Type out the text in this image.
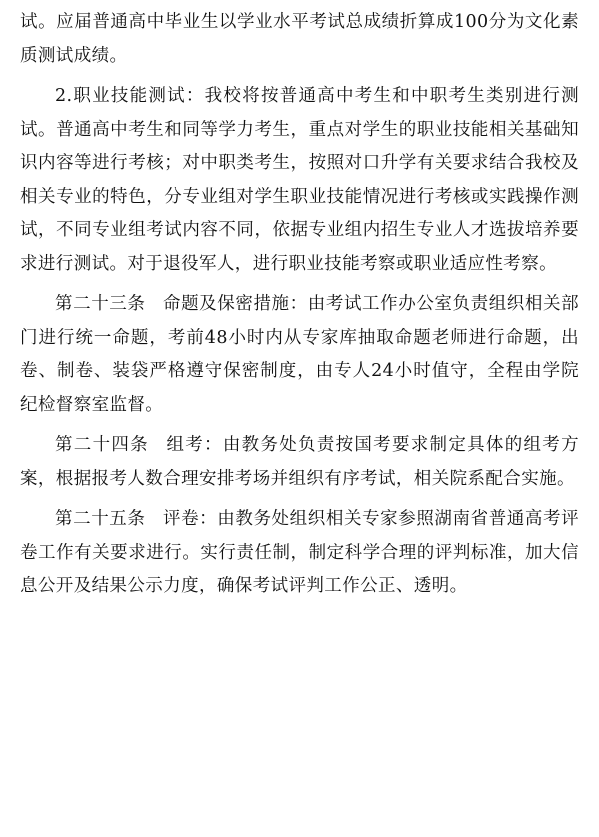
试。应届普通高中毕业生以学业水平考试总成绩折算成100分为文化素质测试成绩。

2.职业技能测试：我校将按普通高中考生和中职考生类别进行测试。普通高中考生和同等学力考生，重点对学生的职业技能相关基础知识内容等进行考核；对中职类考生，按照对口升学有关要求结合我校及相关专业的特色，分专业组对学生职业技能情况进行考核或实践操作测试，不同专业组考试内容不同，依据专业组内招生专业人才选拔培养要求进行测试。对于退役军人，进行职业技能考察或职业适应性考察。

第二十三条 命题及保密措施：由考试工作办公室负责组织相关部门进行统一命题，考前48小时内从专家库抽取命题老师进行命题，出卷、制卷、装袋严格遵守保密制度，由专人24小时值守，全程由学院纪检督察室监督。

第二十四条 组考：由教务处负责按国考要求制定具体的组考方案，根据报考人数合理安排考场并组织有序考试，相关院系配合实施。

第二十五条 评卷：由教务处组织相关专家参照湖南省普通高考评卷工作有关要求进行。实行责任制，制定科学合理的评判标准，加大信息公开及结果公示力度，确保考试评判工作公正、透明。
